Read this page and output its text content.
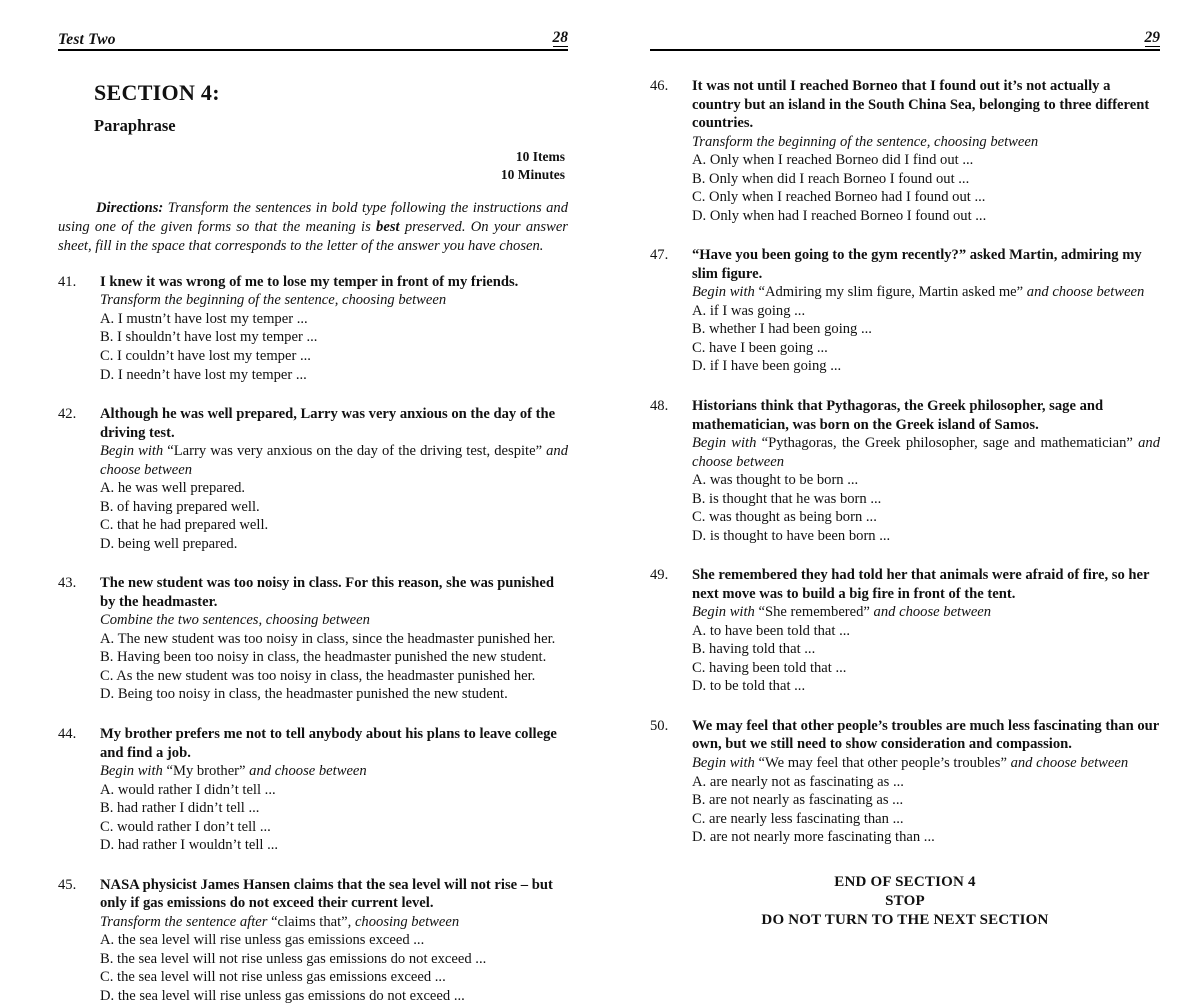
Test Two	28
SECTION 4:
Paraphrase
10 Items
10 Minutes
Directions: Transform the sentences in bold type following the instructions and using one of the given forms so that the meaning is best preserved. On your answer sheet, fill in the space that corresponds to the letter of the answer you have chosen.
41.	I knew it was wrong of me to lose my temper in front of my friends.
Transform the beginning of the sentence, choosing between
A. I mustn’t have lost my temper ...
B. I shouldn’t have lost my temper ...
C. I couldn’t have lost my temper ...
D. I needn’t have lost my temper ...
42.	Although he was well prepared, Larry was very anxious on the day of the driving test.
Begin with “Larry was very anxious on the day of the driving test, despite” and choose between
A. he was well prepared.
B. of having prepared well.
C. that he had prepared well.
D. being well prepared.
43.	The new student was too noisy in class. For this reason, she was punished by the headmaster.
Combine the two sentences, choosing between
A. The new student was too noisy in class, since the headmaster punished her.
B. Having been too noisy in class, the headmaster punished the new student.
C. As the new student was too noisy in class, the headmaster punished her.
D. Being too noisy in class, the headmaster punished the new student.
44.	My brother prefers me not to tell anybody about his plans to leave college and find a job.
Begin with “My brother” and choose between
A. would rather I didn’t tell ...
B. had rather I didn’t tell ...
C. would rather I don’t tell ...
D. had rather I wouldn’t tell ...
45.	NASA physicist James Hansen claims that the sea level will not rise – but only if gas emissions do not exceed their current level.
Transform the sentence after “claims that”, choosing between
A. the sea level will rise unless gas emissions exceed ...
B. the sea level will not rise unless gas emissions do not exceed ...
C. the sea level will not rise unless gas emissions exceed ...
D. the sea level will rise unless gas emissions do not exceed ...
29
46.	It was not until I reached Borneo that I found out it’s not actually a country but an island in the South China Sea, belonging to three different countries.
Transform the beginning of the sentence, choosing between
A. Only when I reached Borneo did I find out ...
B. Only when did I reach Borneo I found out ...
C. Only when I reached Borneo had I found out ...
D. Only when had I reached Borneo I found out ...
47.	“Have you been going to the gym recently?” asked Martin, admiring my slim figure.
Begin with “Admiring my slim figure, Martin asked me” and choose between
A. if I was going ...
B. whether I had been going ...
C. have I been going ...
D. if I have been going ...
48.	Historians think that Pythagoras, the Greek philosopher, sage and mathematician, was born on the Greek island of Samos.
Begin with “Pythagoras, the Greek philosopher, sage and mathematician” and choose between
A. was thought to be born ...
B. is thought that he was born ...
C. was thought as being born ...
D. is thought to have been born ...
49.	She remembered they had told her that animals were afraid of fire, so her next move was to build a big fire in front of the tent.
Begin with “She remembered” and choose between
A. to have been told that ...
B. having told that ...
C. having been told that ...
D. to be told that ...
50.	We may feel that other people’s troubles are much less fascinating than our own, but we still need to show consideration and compassion.
Begin with “We may feel that other people’s troubles” and choose between
A. are nearly not as fascinating as ...
B. are not nearly as fascinating as ...
C. are nearly less fascinating than ...
D. are not nearly more fascinating than ...
END OF SECTION 4
STOP
DO NOT TURN TO THE NEXT SECTION
